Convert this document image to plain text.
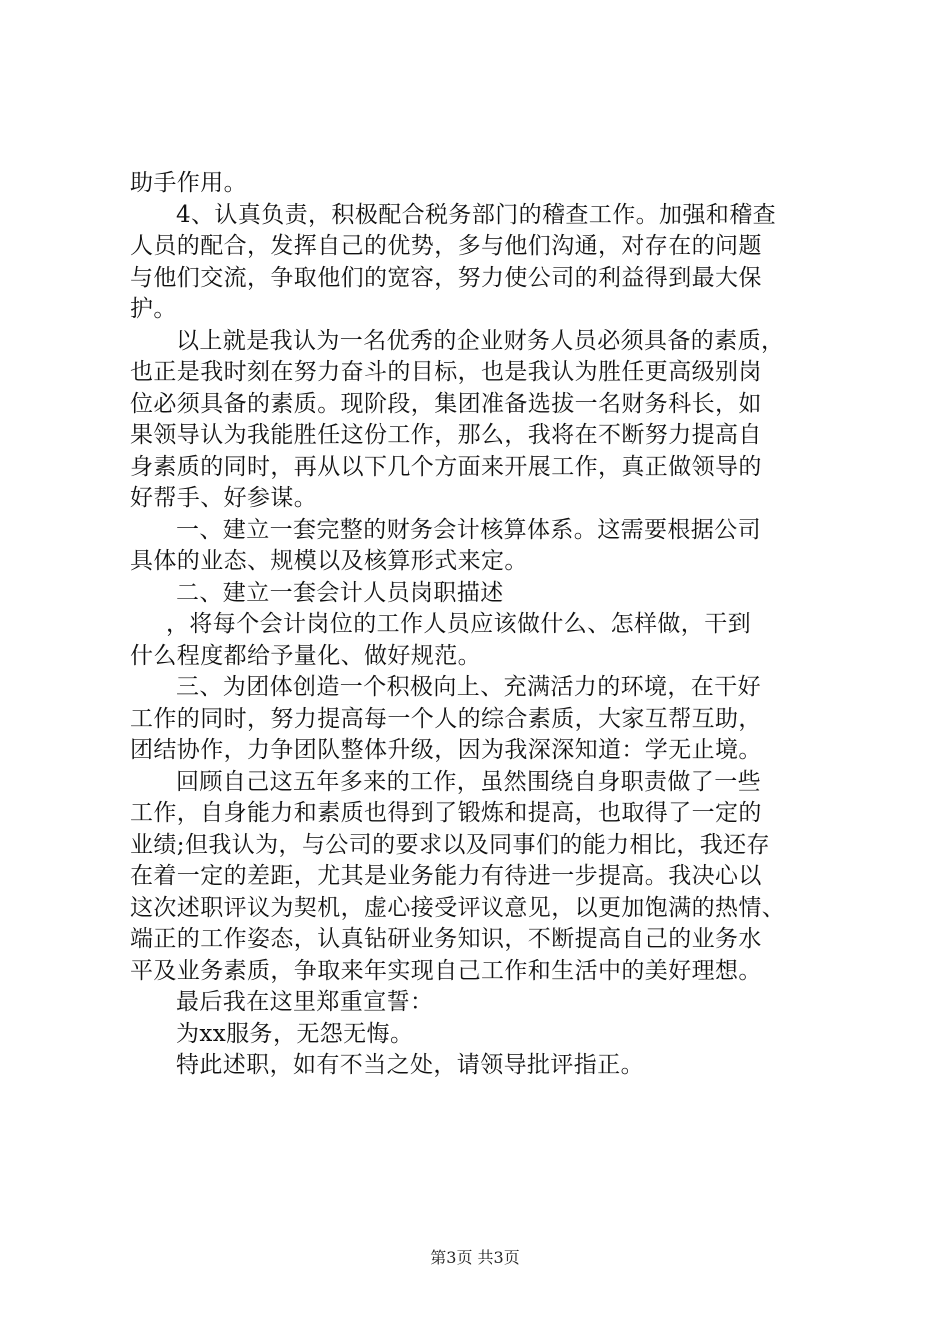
助手作用。
4、认真负责，积极配合税务部门的稽查工作。加强和稽查
人员的配合，发挥自己的优势，多与他们沟通，对存在的问题
与他们交流，争取他们的宽容，努力使公司的利益得到最大保
护。
以上就是我认为一名优秀的企业财务人员必须具备的素质，
也正是我时刻在努力奋斗的目标，也是我认为胜任更高级别岗
位必须具备的素质。现阶段，集团准备选拔一名财务科长，如
果领导认为我能胜任这份工作，那么，我将在不断努力提高自
身素质的同时，再从以下几个方面来开展工作，真正做领导的
好帮手、好参谋。
一、建立一套完整的财务会计核算体系。这需要根据公司
具体的业态、规模以及核算形式来定。
二、建立一套会计人员岗职描述
，将每个会计岗位的工作人员应该做什么、怎样做，干到
什么程度都给予量化、做好规范。
三、为团体创造一个积极向上、充满活力的环境，在干好
工作的同时，努力提高每一个人的综合素质，大家互帮互助，
团结协作，力争团队整体升级，因为我深深知道：学无止境。
回顾自己这五年多来的工作，虽然围绕自身职责做了一些
工作，自身能力和素质也得到了锻炼和提高，也取得了一定的
业绩;但我认为，与公司的要求以及同事们的能力相比，我还存
在着一定的差距，尤其是业务能力有待进一步提高。我决心以
这次述职评议为契机，虚心接受评议意见，以更加饱满的热情、
端正的工作姿态，认真钻研业务知识，不断提高自己的业务水
平及业务素质，争取来年实现自己工作和生活中的美好理想。
最后我在这里郑重宣誓：
为xx服务，无怨无悔。
特此述职，如有不当之处，请领导批评指正。
第3页 共3页
